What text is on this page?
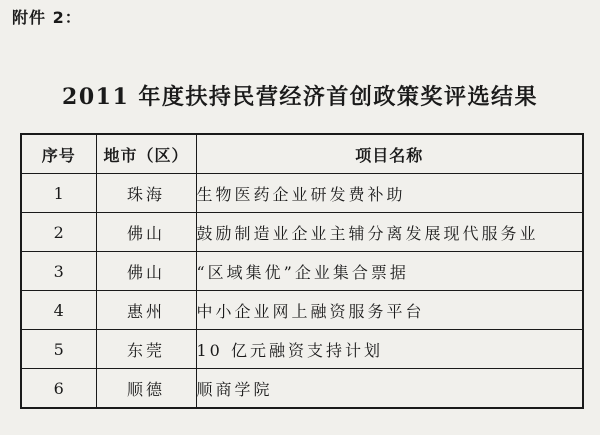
附件 2：
2011 年度扶持民营经济首创政策奖评选结果
序号	地市（区）	项目名称
1	珠海	生物医药企业研发费补助
2	佛山	鼓励制造业企业主辅分离发展现代服务业
3	佛山	“区域集优”企业集合票据
4	惠州	中小企业网上融资服务平台
5	东莞	10 亿元融资支持计划
6	顺德	顺商学院
